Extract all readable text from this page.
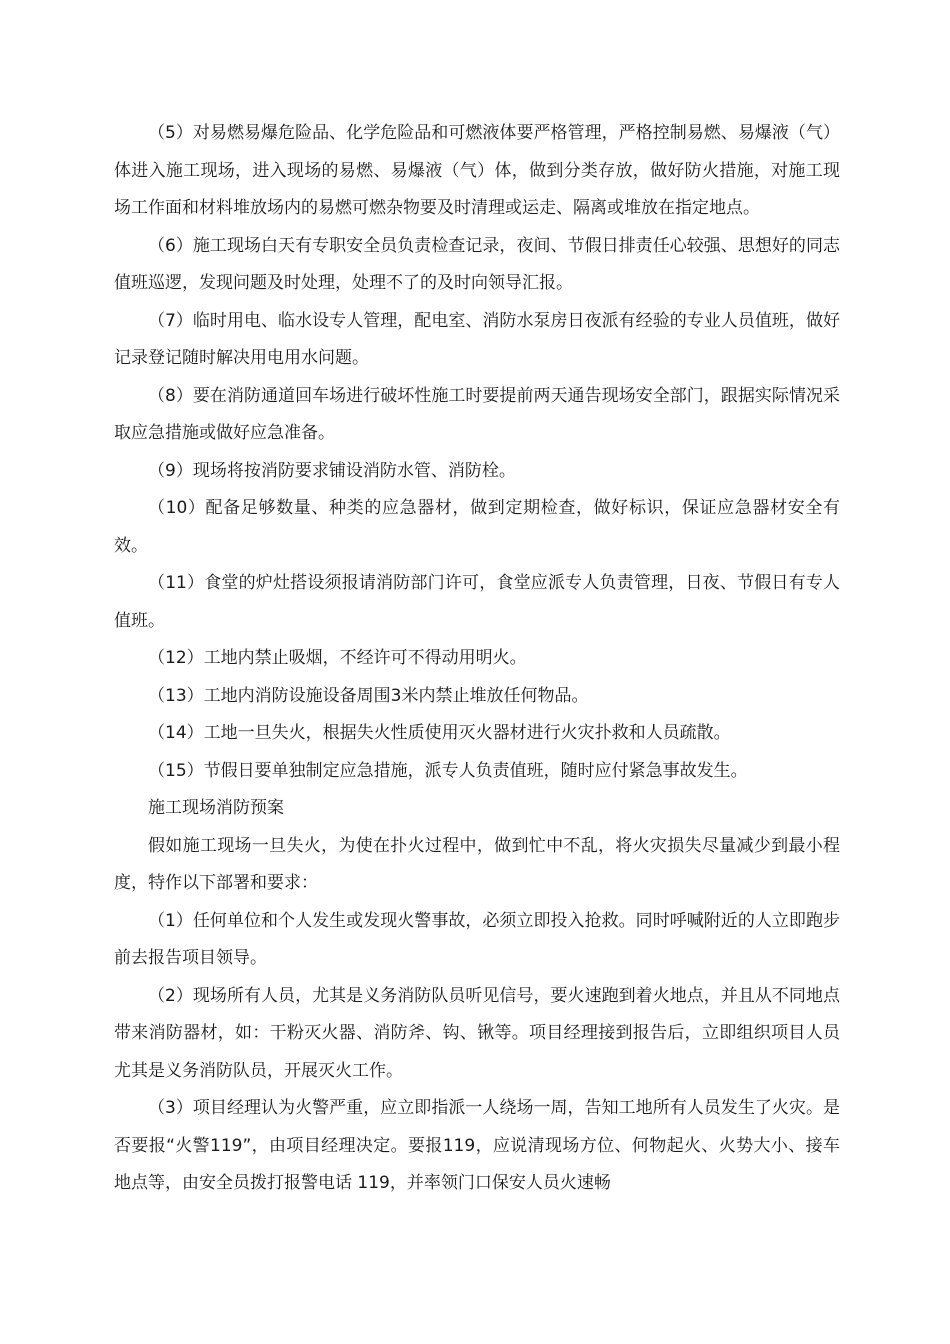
（5）对易燃易爆危险品、化学危险品和可燃液体要严格管理，严格控制易燃、易爆液（气）体进入施工现场，进入现场的易燃、易爆液（气）体，做到分类存放，做好防火措施，对施工现场工作面和材料堆放场内的易燃可燃杂物要及时清理或运走、隔离或堆放在指定地点。

（6）施工现场白天有专职安全员负责检查记录，夜间、节假日排责任心较强、思想好的同志值班巡逻，发现问题及时处理，处理不了的及时向领导汇报。

（7）临时用电、临水设专人管理，配电室、消防水泵房日夜派有经验的专业人员值班，做好记录登记随时解决用电用水问题。

（8）要在消防通道回车场进行破坏性施工时要提前两天通告现场安全部门，跟据实际情况采取应急措施或做好应急准备。

（9）现场将按消防要求铺设消防水管、消防栓。

（10）配备足够数量、种类的应急器材，做到定期检查，做好标识，保证应急器材安全有效。

（11）食堂的炉灶搭设须报请消防部门许可，食堂应派专人负责管理，日夜、节假日有专人值班。

（12）工地内禁止吸烟，不经许可不得动用明火。

（13）工地内消防设施设备周围3米内禁止堆放任何物品。

（14）工地一旦失火，根据失火性质使用灭火器材进行火灾扑救和人员疏散。

（15）节假日要单独制定应急措施，派专人负责值班，随时应付紧急事故发生。

施工现场消防预案

假如施工现场一旦失火，为使在扑火过程中，做到忙中不乱，将火灾损失尽量减少到最小程度，特作以下部署和要求：

（1）任何单位和个人发生或发现火警事故，必须立即投入抢救。同时呼喊附近的人立即跑步前去报告项目领导。

（2）现场所有人员，尤其是义务消防队员听见信号，要火速跑到着火地点，并且从不同地点带来消防器材，如：干粉灭火器、消防斧、钩、锹等。项目经理接到报告后，立即组织项目人员尤其是义务消防队员，开展灭火工作。

（3）项目经理认为火警严重，应立即指派一人绕场一周，告知工地所有人员发生了火灾。是否要报“火警119”，由项目经理决定。要报119，应说清现场方位、何物起火、火势大小、接车地点等，由安全员拨打报警电话 119，并率领门口保安人员火速畅
